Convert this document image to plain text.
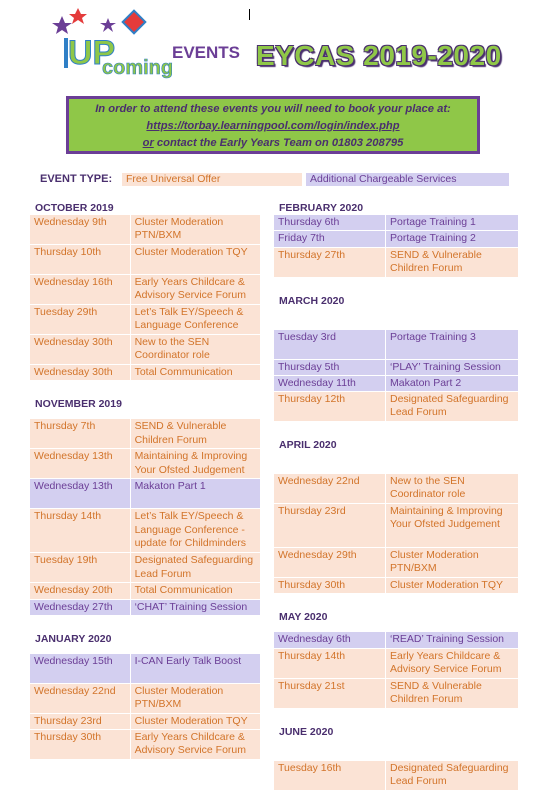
UP
coming
EVENTS EYCAS 2019-2020
In order to attend these events you will need to book your place at:
https://torbay.learningpool.com/login/index.php
or contact the Early Years Team on 01803 208795
EVENT TYPE:	Free Universal Offer	Additional Chargeable Services
OCTOBER 2019
Wednesday 9th	Cluster Moderation PTN/BXM
Thursday 10th	Cluster Moderation TQY
Wednesday 16th	Early Years Childcare & Advisory Service Forum
Tuesday 29th	Let’s Talk EY/Speech & Language Conference
Wednesday 30th	New to the SEN Coordinator role
Wednesday 30th	Total Communication
NOVEMBER 2019
Thursday 7th	SEND & Vulnerable Children Forum
Wednesday 13th	Maintaining & Improving Your Ofsted Judgement
Wednesday 13th	Makaton Part 1
Thursday 14th	Let’s Talk EY/Speech & Language Conference - update for Childminders
Tuesday 19th	Designated Safeguarding Lead Forum
Wednesday 20th	Total Communication
Wednesday 27th	‘CHAT’ Training Session
JANUARY 2020
Wednesday 15th	I-CAN Early Talk Boost
Wednesday 22nd	Cluster Moderation PTN/BXM
Thursday 23rd	Cluster Moderation TQY
Thursday 30th	Early Years Childcare & Advisory Service Forum
FEBRUARY 2020
Thursday 6th	Portage Training 1
Friday 7th	Portage Training 2
Thursday 27th	SEND & Vulnerable Children Forum
MARCH 2020
Tuesday 3rd	Portage Training 3
Thursday 5th	‘PLAY’ Training Session
Wednesday 11th	Makaton Part 2
Thursday 12th	Designated Safeguarding Lead Forum
APRIL 2020
Wednesday 22nd	New to the SEN Coordinator role
Thursday 23rd	Maintaining & Improving Your Ofsted Judgement
Wednesday 29th	Cluster Moderation PTN/BXM
Thursday 30th	Cluster Moderation TQY
MAY 2020
Wednesday 6th	‘READ’ Training Session
Thursday 14th	Early Years Childcare & Advisory Service Forum
Thursday 21st	SEND & Vulnerable Children Forum
JUNE 2020
Tuesday 16th	Designated Safeguarding Lead Forum
